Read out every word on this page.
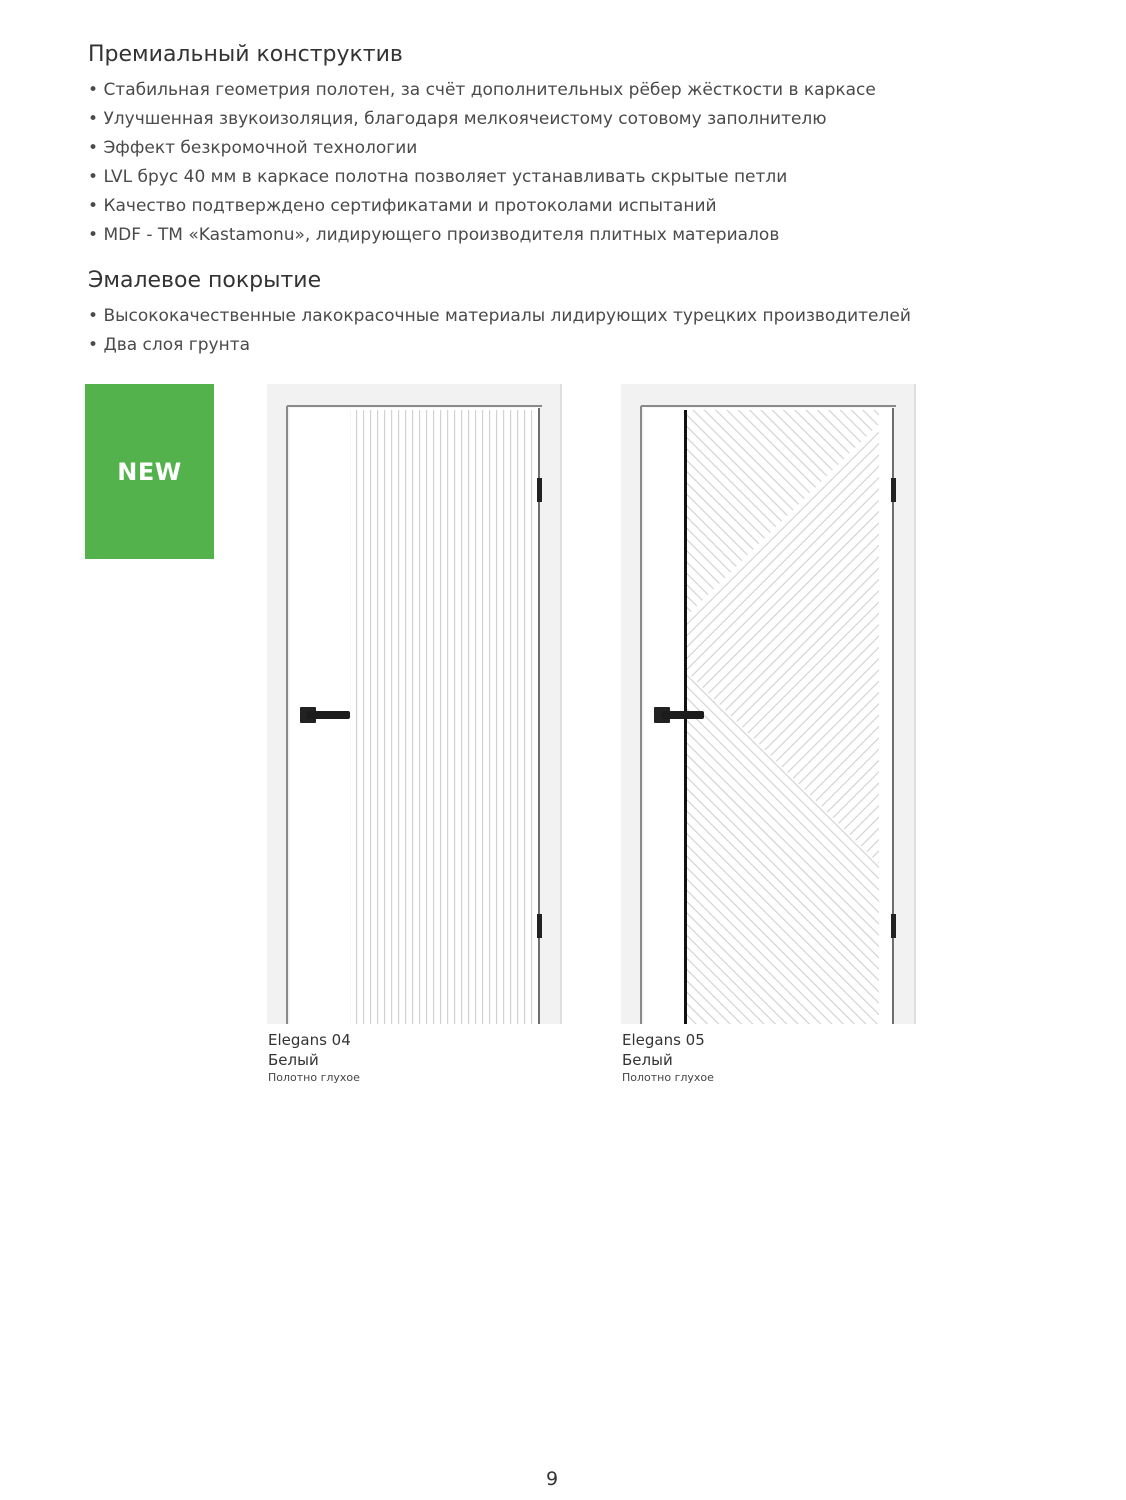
Премиальный конструктив
• Стабильная геометрия полотен, за счёт дополнительных рёбер жёсткости в каркасе
• Улучшенная звукоизоляция, благодаря мелкоячеистому сотовому заполнителю
• Эффект безкромочной технологии
• LVL брус 40 мм в каркасе полотна позволяет устанавливать скрытые петли
• Качество подтверждено сертификатами и протоколами испытаний
• MDF - ТМ «Kastamonu», лидирующего производителя плитных материалов
Эмалевое покрытие
• Высококачественные лакокрасочные материалы лидирующих турецких производителей
• Два слоя грунта
NEW
Elegans 04
Белый
Полотно глухое
Elegans 05
Белый
Полотно глухое
9
